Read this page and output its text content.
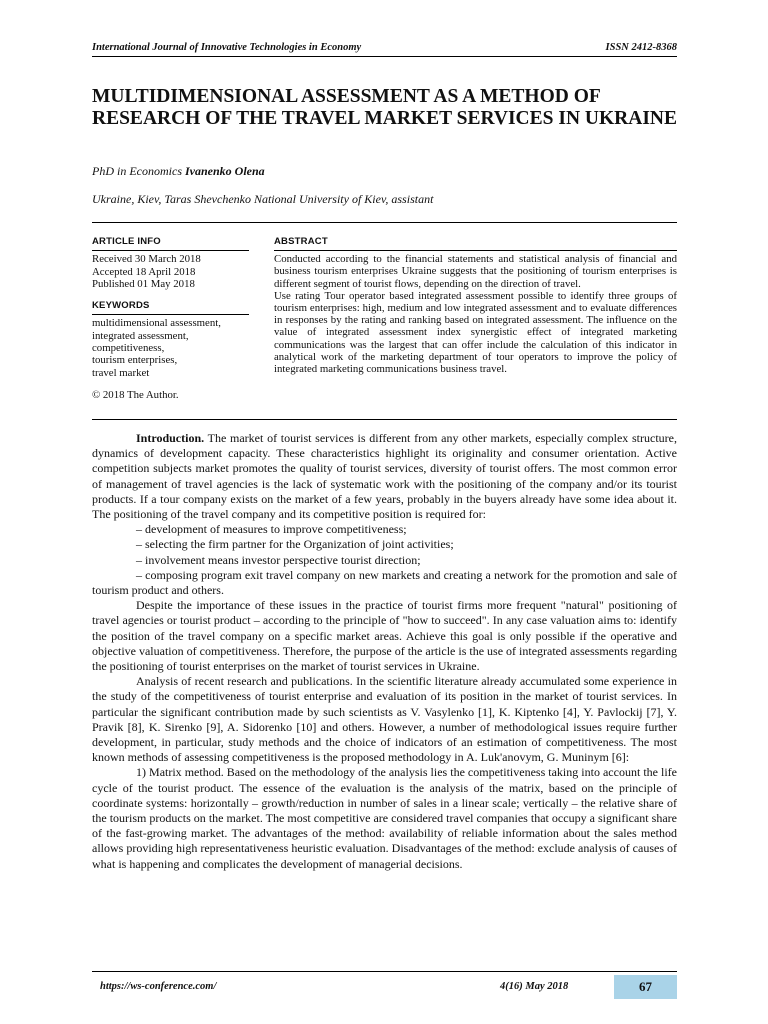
International Journal of Innovative Technologies in Economy	ISSN 2412-8368
MULTIDIMENSIONAL ASSESSMENT AS A METHOD OF RESEARCH OF THE TRAVEL MARKET SERVICES IN UKRAINE
PhD in Economics Ivanenko Olena
Ukraine, Kiev, Taras Shevchenko National University of Kiev, assistant
ARTICLE INFO
Received 30 March 2018
Accepted 18 April 2018
Published 01 May 2018
KEYWORDS
multidimensional assessment,
integrated assessment,
competitiveness,
tourism enterprises,
travel market
© 2018 The Author.
ABSTRACT

Conducted according to the financial statements and statistical analysis of financial and business tourism enterprises Ukraine suggests that the positioning of tourism enterprises is different segment of tourist flows, depending on the direction of travel.

Use rating Tour operator based integrated assessment possible to identify three groups of tourism enterprises: high, medium and low integrated assessment and to evaluate differences in responses by the rating and ranking based on integrated assessment. The influence on the value of integrated assessment index synergistic effect of integrated marketing communications was the largest that can offer include the calculation of this indicator in analytical work of the marketing department of tour operators to improve the policy of integrated marketing communications business travel.

Introduction. The market of tourist services is different from any other markets, especially complex structure, dynamics of development capacity. These characteristics highlight its originality and consumer orientation. Active competition subjects market promotes the quality of tourist services, diversity of tourist offers. The most common error of management of travel agencies is the lack of systematic work with the positioning of the company and/or its tourist products. If a tour company exists on the market of a few years, probably in the buyers already have some idea about it. The positioning of the travel company and its competitive position is required for:

– development of measures to improve competitiveness;

– selecting the firm partner for the Organization of joint activities;

– involvement means investor perspective tourist direction;

– composing program exit travel company on new markets and creating a network for the promotion and sale of tourism product and others.

Despite the importance of these issues in the practice of tourist firms more frequent "natural" positioning of travel agencies or tourist product – according to the principle of "how to succeed". In any case valuation aims to: identify the position of the travel company on a specific market areas. Achieve this goal is only possible if the operative and objective valuation of competitiveness. Therefore, the purpose of the article is the use of integrated assessments regarding the positioning of tourist enterprises on the market of tourist services in Ukraine.

Analysis of recent research and publications. In the scientific literature already accumulated some experience in the study of the competitiveness of tourist enterprise and evaluation of its position in the market of tourist services. In particular the significant contribution made by such scientists as V. Vasylenko [1], K. Kiptenko [4], Y. Pavlockij [7], Y. Pravik [8], K. Sirenko [9], A. Sidorenko [10] and others. However, a number of methodological issues require further development, in particular, study methods and the choice of indicators of an estimation of competitiveness. The most known methods of assessing competitiveness is the proposed methodology in A. Luk'anovym, G. Muninym [6]:

1) Matrix method. Based on the methodology of the analysis lies the competitiveness taking into account the life cycle of the tourist product. The essence of the evaluation is the analysis of the matrix, based on the principle of coordinate systems: horizontally – growth/reduction in number of sales in a linear scale; vertically – the relative share of the tourism products on the market. The most competitive are considered travel companies that occupy a significant share of the fast-growing market. The advantages of the method: availability of reliable information about the sales method allows providing high representativeness heuristic evaluation. Disadvantages of the method: exclude analysis of causes of what is happening and complicates the development of managerial decisions.

https://ws-conference.com/	4(16) May 2018	67
